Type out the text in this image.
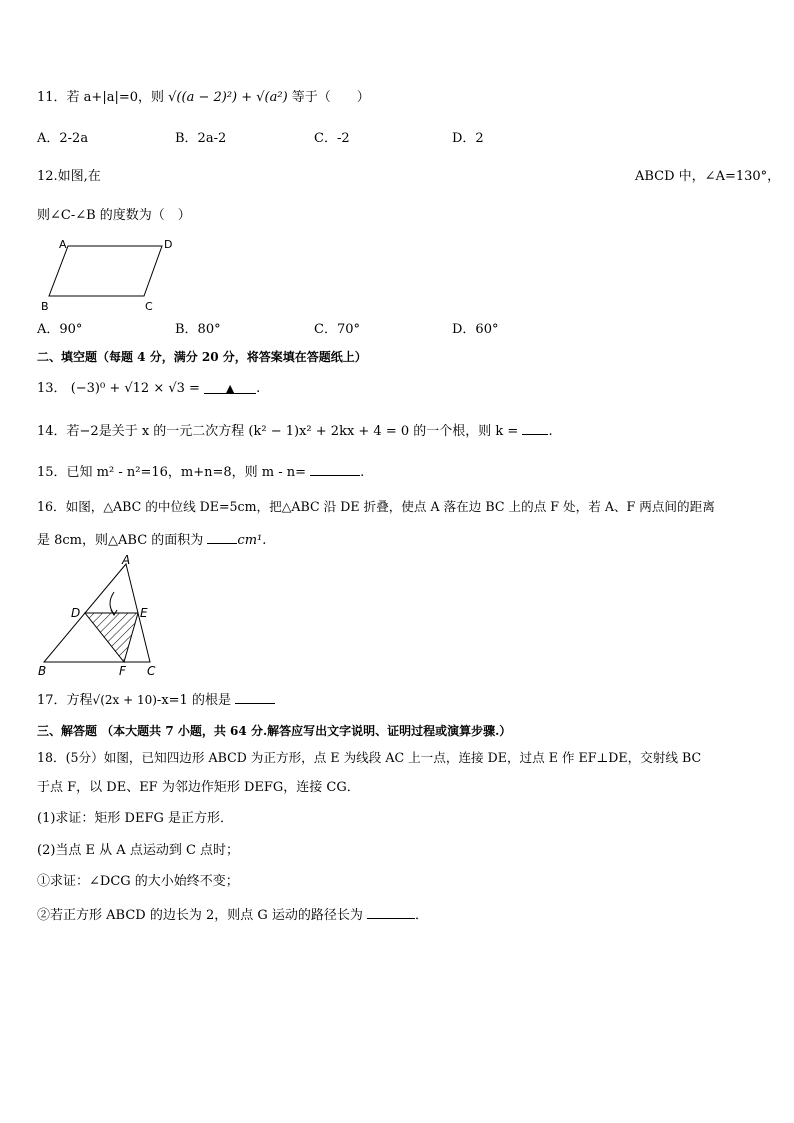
11．若 a+|a|=0，则 √((a − 2)²) + √(a²) 等于（　　）
A．2-2a	B．2a-2	C．-2	D．2
12.如图,在	ABCD 中，∠A=130°，
则∠C-∠B 的度数为（　）
A	D
B	C
A．90°	B．80°	C．70°	D．60°
二、填空题（每题 4 分，满分 20 分，将答案填在答题纸上）
13． (−3)⁰ + √12 × √3 = ▲ .
14．若−2是关于 x 的一元二次方程 (k² − 1)x² + 2kx + 4 = 0 的一个根，则 k = .
15．已知 m² - n²=16，m+n=8，则 m - n=	.
16．如图，△ABC 的中位线 DE=5cm，把△ABC 沿 DE 折叠，使点 A 落在边 BC 上的点 F 处，若 A、F 两点间的距离
是 8cm，则△ABC 的面积为	cm¹.
A
B	C
D	E
F
17．方程√(2x + 10)-x=1 的根是
三、解答题 （本大题共 7 小题，共 64 分.解答应写出文字说明、证明过程或演算步骤.）
18．(5分）如图，已知四边形 ABCD 为正方形，点 E 为线段 AC 上一点，连接 DE，过点 E 作 EF⊥DE，交射线 BC
于点 F，以 DE、EF 为邻边作矩形 DEFG，连接 CG．
(1)求证：矩形 DEFG 是正方形．
(2)当点 E 从 A 点运动到 C 点时；
①求证：∠DCG 的大小始终不变；
②若正方形 ABCD 的边长为 2，则点 G 运动的路径长为	．
